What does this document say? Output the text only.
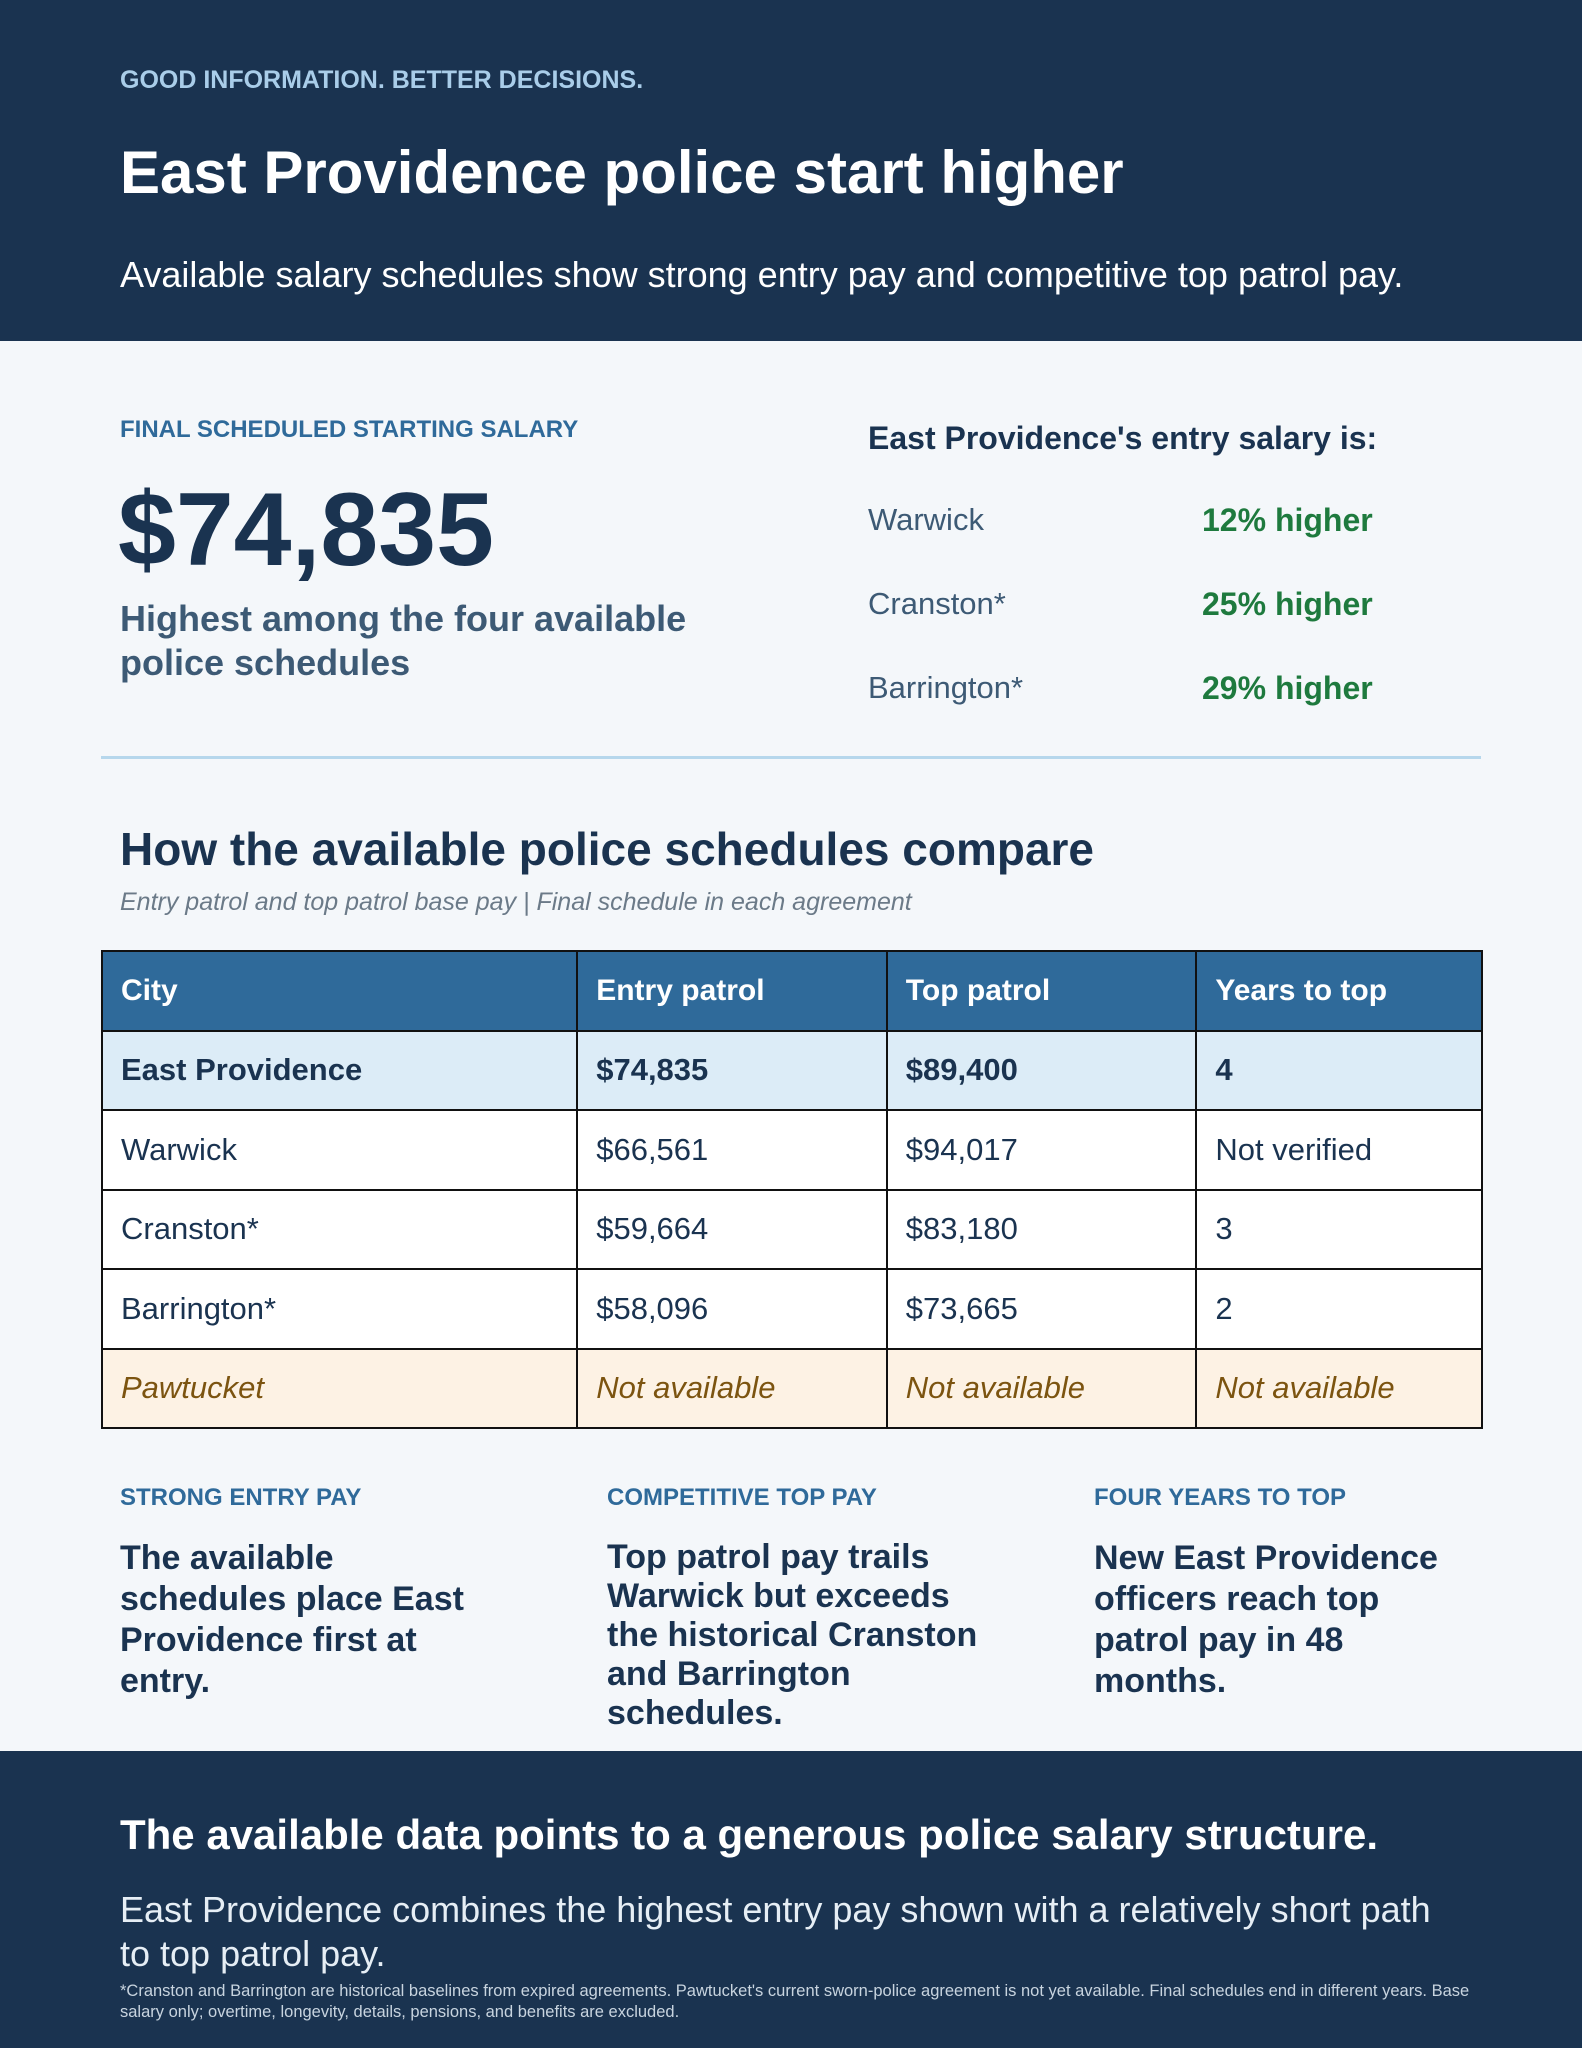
GOOD INFORMATION. BETTER DECISIONS.
East Providence police start higher
Available salary schedules show strong entry pay and competitive top patrol pay.
FINAL SCHEDULED STARTING SALARY
$74,835
Highest among the four available police schedules
East Providence's entry salary is:
Warwick	12% higher
Cranston*	25% higher
Barrington*	29% higher
How the available police schedules compare
Entry patrol and top patrol base pay | Final schedule in each agreement
City	Entry patrol	Top patrol	Years to top
East Providence	$74,835	$89,400	4
Warwick	$66,561	$94,017	Not verified
Cranston*	$59,664	$83,180	3
Barrington*	$58,096	$73,665	2
Pawtucket	Not available	Not available	Not available
STRONG ENTRY PAY
The available schedules place East Providence first at entry.
COMPETITIVE TOP PAY
Top patrol pay trails Warwick but exceeds the historical Cranston and Barrington schedules.
FOUR YEARS TO TOP
New East Providence officers reach top patrol pay in 48 months.
The available data points to a generous police salary structure.
East Providence combines the highest entry pay shown with a relatively short path to top patrol pay.
*Cranston and Barrington are historical baselines from expired agreements. Pawtucket's current sworn-police agreement is not yet available. Final schedules end in different years. Base salary only; overtime, longevity, details, pensions, and benefits are excluded.
